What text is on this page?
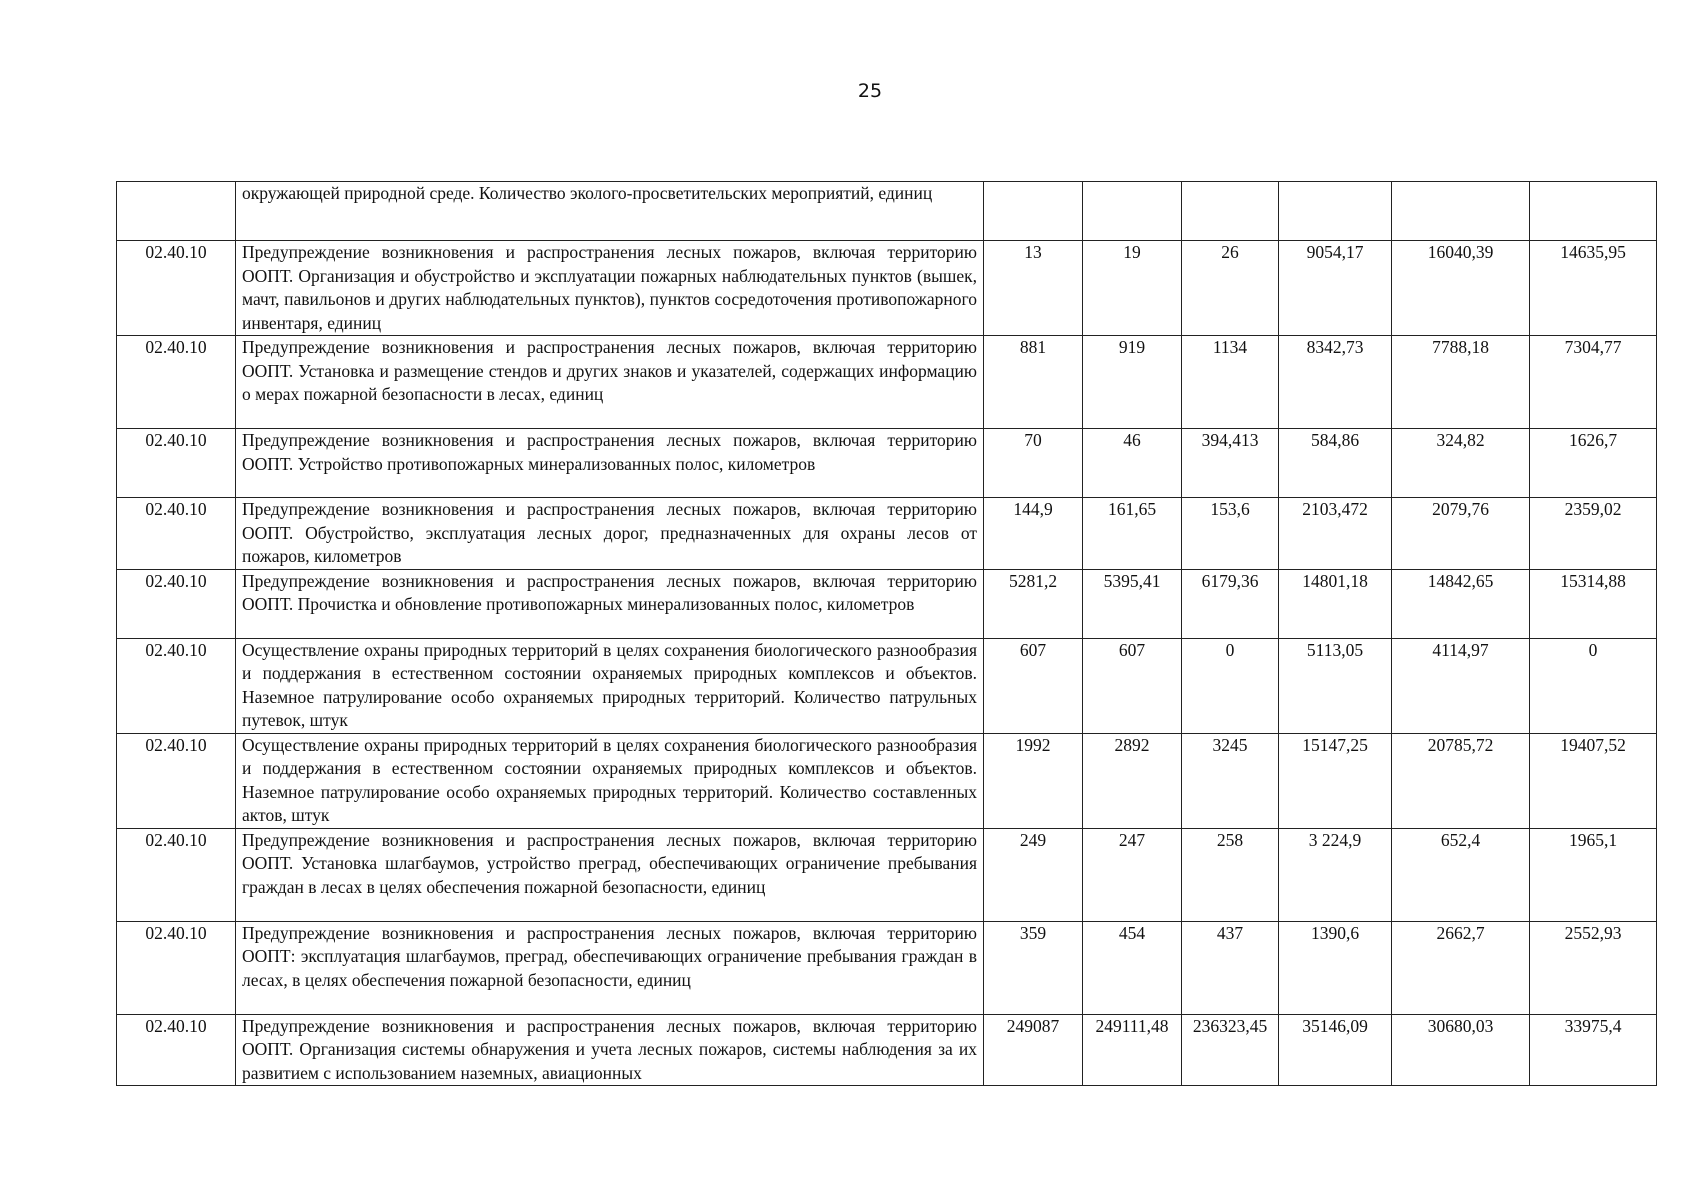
25
	окружающей природной среде. Количество эколого-просветительских мероприятий, единиц						
02.40.10	Предупреждение возникновения и распространения лесных пожаров, включая территорию ООПТ. Организация и обустройство и эксплуатации пожарных наблюдательных пунктов (вышек, мачт, павильонов и других наблюдательных пунктов), пунктов сосредоточения противопожарного инвентаря, единиц	13	19	26	9054,17	16040,39	14635,95
02.40.10	Предупреждение возникновения и распространения лесных пожаров, включая территорию ООПТ. Установка и размещение стендов и других знаков и указателей, содержащих информацию о мерах пожарной безопасности в лесах, единиц	881	919	1134	8342,73	7788,18	7304,77
02.40.10	Предупреждение возникновения и распространения лесных пожаров, включая территорию ООПТ. Устройство противопожарных минерализованных полос, километров	70	46	394,413	584,86	324,82	1626,7
02.40.10	Предупреждение возникновения и распространения лесных пожаров, включая территорию ООПТ. Обустройство, эксплуатация лесных дорог, предназначенных для охраны лесов от пожаров, километров	144,9	161,65	153,6	2103,472	2079,76	2359,02
02.40.10	Предупреждение возникновения и распространения лесных пожаров, включая территорию ООПТ. Прочистка и обновление противопожарных минерализованных полос, километров	5281,2	5395,41	6179,36	14801,18	14842,65	15314,88
02.40.10	Осуществление охраны природных территорий в целях сохранения биологического разнообразия и поддержания в естественном состоянии охраняемых природных комплексов и объектов. Наземное патрулирование особо охраняемых природных территорий. Количество патрульных путевок, штук	607	607	0	5113,05	4114,97	0
02.40.10	Осуществление охраны природных территорий в целях сохранения биологического разнообразия и поддержания в естественном состоянии охраняемых природных комплексов и объектов. Наземное патрулирование особо охраняемых природных территорий. Количество составленных актов, штук	1992	2892	3245	15147,25	20785,72	19407,52
02.40.10	Предупреждение возникновения и распространения лесных пожаров, включая территорию ООПТ. Установка шлагбаумов, устройство преград, обеспечивающих ограничение пребывания граждан в лесах в целях обеспечения пожарной безопасности, единиц	249	247	258	3 224,9	652,4	1965,1
02.40.10	Предупреждение возникновения и распространения лесных пожаров, включая территорию ООПТ: эксплуатация шлагбаумов, преград, обеспечивающих ограничение пребывания граждан в лесах, в целях обеспечения пожарной безопасности, единиц	359	454	437	1390,6	2662,7	2552,93
02.40.10	Предупреждение возникновения и распространения лесных пожаров, включая территорию ООПТ. Организация системы обнаружения и учета лесных пожаров, системы наблюдения за их развитием с использованием наземных, авиационных	249087	249111,48	236323,45	35146,09	30680,03	33975,4
